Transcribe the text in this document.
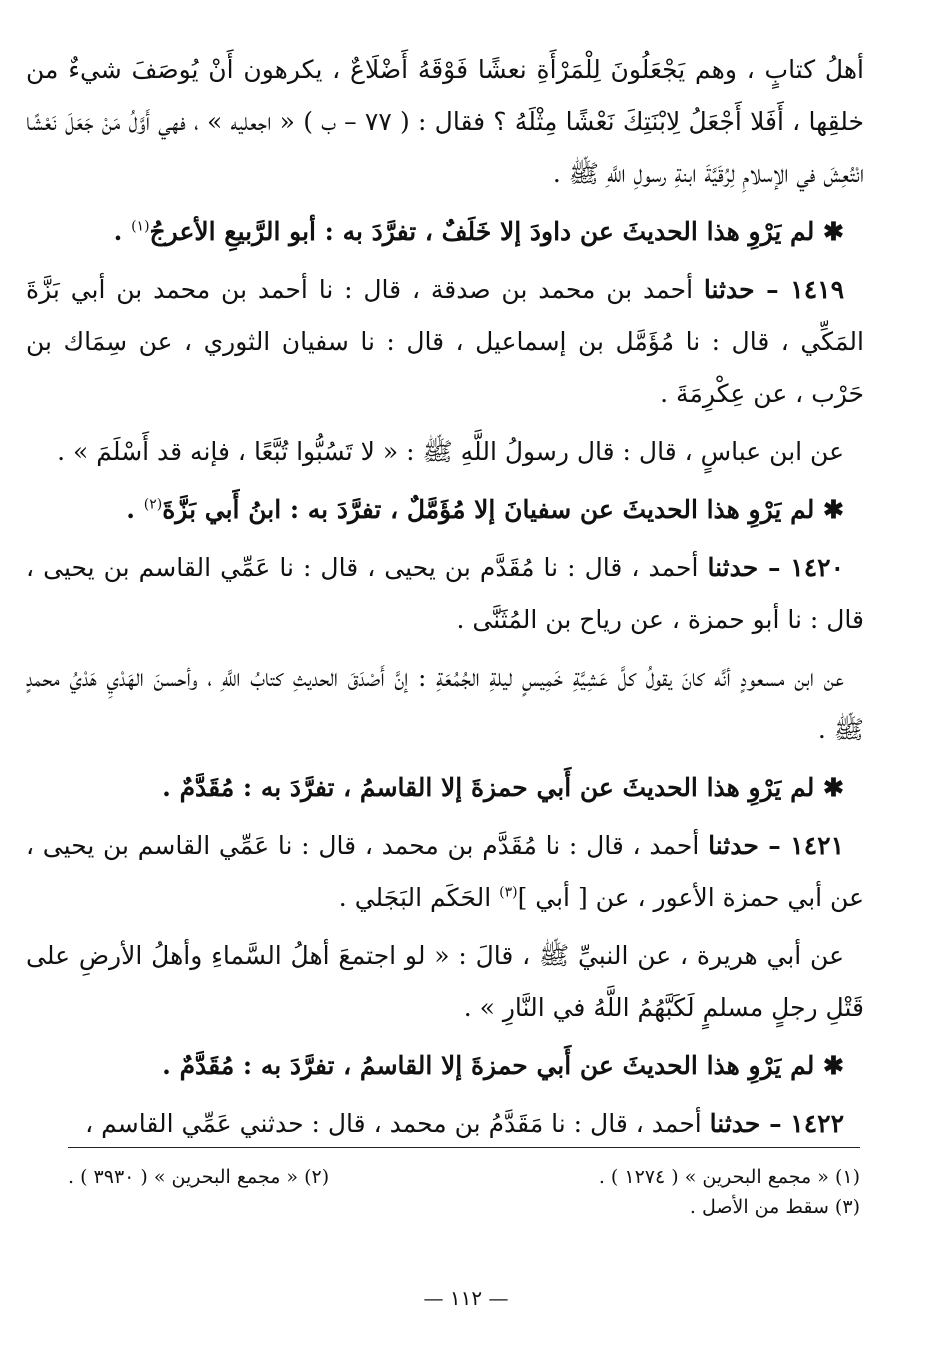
أهلُ كتابٍ ، وهم يَجْعَلُونَ لِلْمَرْأَةِ نعشًا فَوْقَهُ أَضْلَاعٌ ، يكرهون أَنْ يُوصَفَ شيءٌ من خلقِها ، أَفَلا أَجْعَلُ لِابْنَتِكَ نَعْشًا مِثْلَهُ ؟ فقال : ( ٧٧ – ب ) « اجعليه » ، فهي أَوَّلُ مَنْ جَعَلَ نَعْشًا انْتُعِشَ في الإسلامِ لِرُقَيَّةَ ابنةِ رسولِ اللَّهِ ﷺ .

✱ لم يَرْوِ هذا الحديثَ عن داودَ إلا خَلَفٌ ، تفرَّدَ به : أبو الرَّبيعِ الأعرجُ$^{(١)}$ .

١٤١٩ – حدثنا أحمد بن محمد بن صدقة ، قال : نا أحمد بن محمد بن أبي بَزَّةَ المَكِّي ، قال : نا مُؤَمَّل بن إسماعيل ، قال : نا سفيان الثوري ، عن سِمَاك بن حَرْب ، عن عِكْرِمَةَ .

عن ابن عباسٍ ، قال : قال رسولُ اللَّهِ ﷺ : « لا تَسُبُّوا تُبَّعًا ، فإنه قد أَسْلَمَ » .

✱ لم يَرْوِ هذا الحديثَ عن سفيانَ إلا مُؤَمَّلٌ ، تفرَّدَ به : ابنُ أَبي بَزَّةَ$^{(٢)}$ .

١٤٢٠ – حدثنا أحمد ، قال : نا مُقَدَّم بن يحيى ، قال : نا عَمِّي القاسم بن يحيى ، قال : نا أبو حمزة ، عن رياح بن المُثَنَّى .

عن ابن مسعودٍ أنَّه كانَ يقولُ كلَّ عَشِيَّةِ خَمِيسٍ ليلةِ الجُمُعَةِ : إنَّ أَصْدَقَ الحديثِ كتابُ اللَّهِ ، وأحسنَ الهَدْيِ هَدْيُ محمدٍ ﷺ .

✱ لم يَرْوِ هذا الحديثَ عن أَبي حمزةَ إلا القاسمُ ، تفرَّدَ به : مُقَدَّمٌ .

١٤٢١ – حدثنا أحمد ، قال : نا مُقَدَّم بن محمد ، قال : نا عَمِّي القاسم بن يحيى ، عن أبي حمزة الأعور ، عن [ أبي ]$^{(٣)}$ الحَكَم البَجَلي .

عن أبي هريرة ، عن النبيِّ ﷺ ، قالَ : « لو اجتمعَ أهلُ السَّماءِ وأهلُ الأرضِ على قَتْلِ رجلٍ مسلمٍ لَكَبَّهُمُ اللَّهُ في النَّارِ » .

✱ لم يَرْوِ هذا الحديثَ عن أَبي حمزةَ إلا القاسمُ ، تفرَّدَ به : مُقَدَّمٌ .

١٤٢٢ – حدثنا أحمد ، قال : نا مَقَدَّمُ بن محمد ، قال : حدثني عَمِّي القاسم ،

(١) « مجمع البحرين » ( ١٢٧٤ ) .
(٢) « مجمع البحرين » ( ٣٩٣٠ ) .
(٣) سقط من الأصل .
— ١١٢ —
